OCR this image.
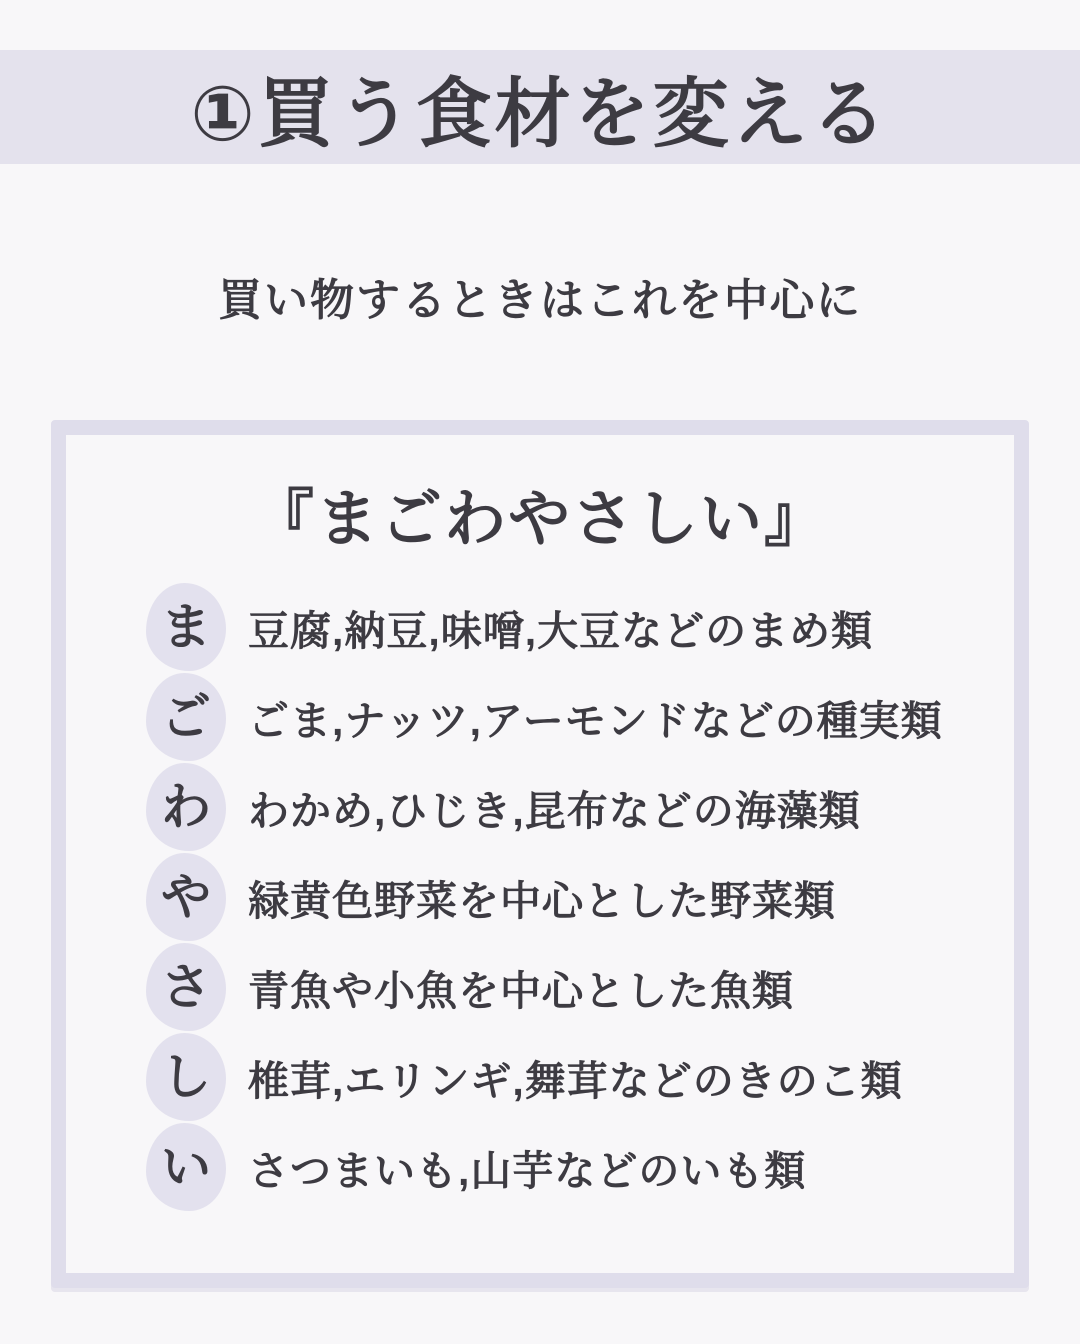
①買う食材を変える

買い物するときはこれを中心に

『まごわやさしい』
ま 豆腐,納豆,味噌,大豆などのまめ類
ご ごま,ナッツ,アーモンドなどの種実類
わ わかめ,ひじき,昆布などの海藻類
や 緑黄色野菜を中心とした野菜類
さ 青魚や小魚を中心とした魚類
し 椎茸,エリンギ,舞茸などのきのこ類
い さつまいも,山芋などのいも類
